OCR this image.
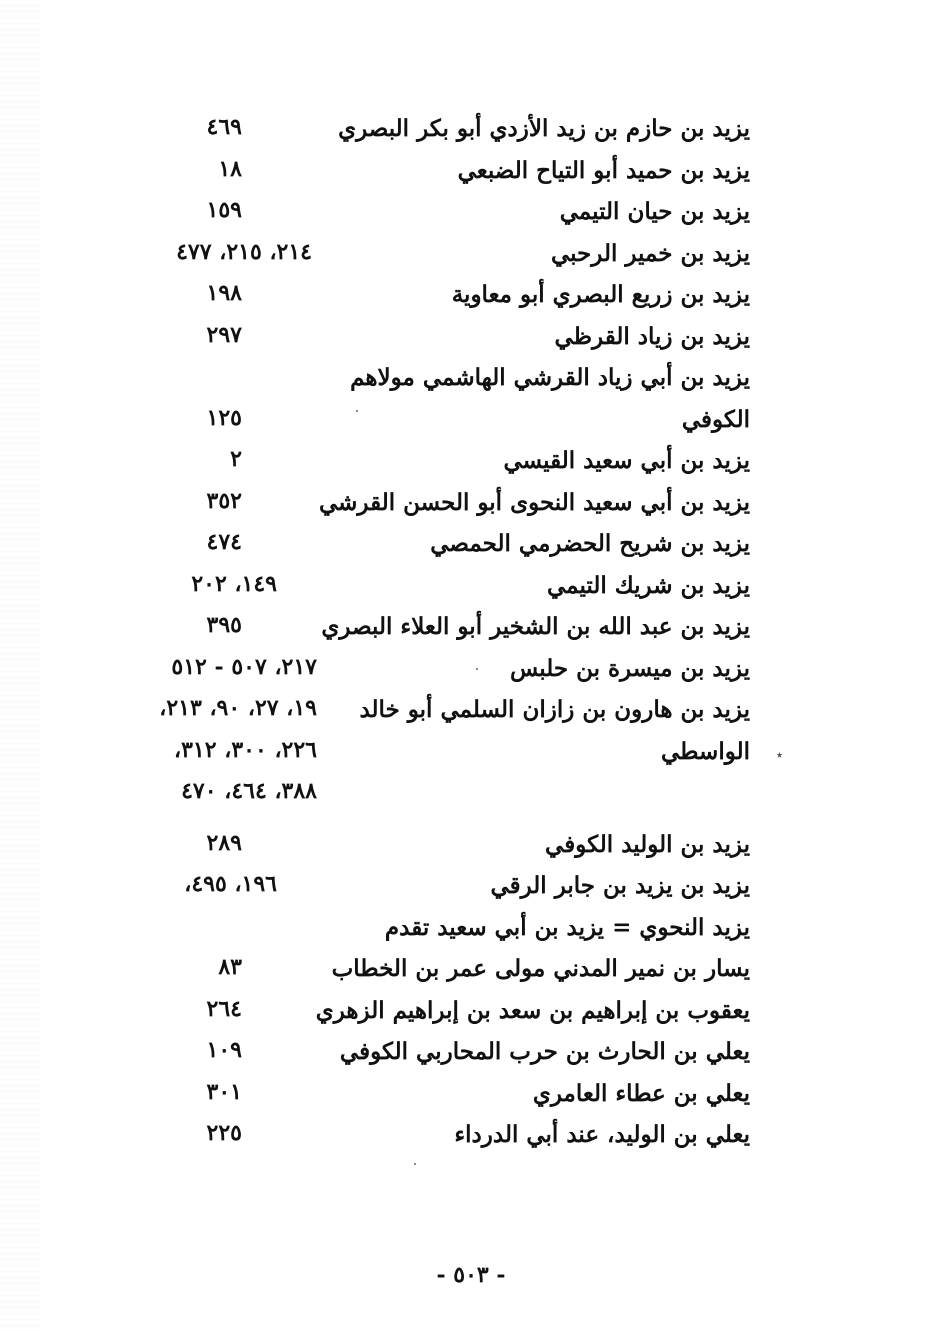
يزيد بن حازم بن زيد الأزدي أبو بكر البصري
٤٦٩
يزيد بن حميد أبو التياح الضبعي
١٨
يزيد بن حيان التيمي
١٥٩
يزيد بن خمير الرحبي
٢١٤، ٢١٥، ٤٧٧
يزيد بن زريع البصري أبو معاوية
١٩٨
يزيد بن زياد القرظي
٢٩٧
يزيد بن أبي زياد القرشي الهاشمي مولاهم
الكوفي
١٢٥
يزيد بن أبي سعيد القيسي
٢
يزيد بن أبي سعيد النحوى أبو الحسن القرشي
٣٥٢
يزيد بن شريح الحضرمي الحمصي
٤٧٤
يزيد بن شريك التيمي
١٤٩، ٢٠٢
يزيد بن عبد الله بن الشخير أبو العلاء البصري
٣٩٥
يزيد بن ميسرة بن حلبس
٢١٧، ٥٠٧ - ٥١٢
يزيد بن هارون بن زازان السلمي أبو خالد
١٩، ٢٧، ٩٠، ٢١٣،
الواسطي
٢٢٦، ٣٠٠، ٣١٢،
٣٨٨، ٤٦٤، ٤٧٠
يزيد بن الوليد الكوفي
٢٨٩
يزيد بن يزيد بن جابر الرقي
١٩٦، ٤٩٥،
يزيد النحوي = يزيد بن أبي سعيد تقدم
يسار بن نمير المدني مولى عمر بن الخطاب
٨٣
يعقوب بن إبراهيم بن سعد بن إبراهيم الزهري
٢٦٤
يعلي بن الحارث بن حرب المحاربي الكوفي
١٠٩
يعلي بن عطاء العامري
٣٠١
يعلي بن الوليد، عند أبي الدرداء
٢٢٥
٭
- ٥٠٣ -
